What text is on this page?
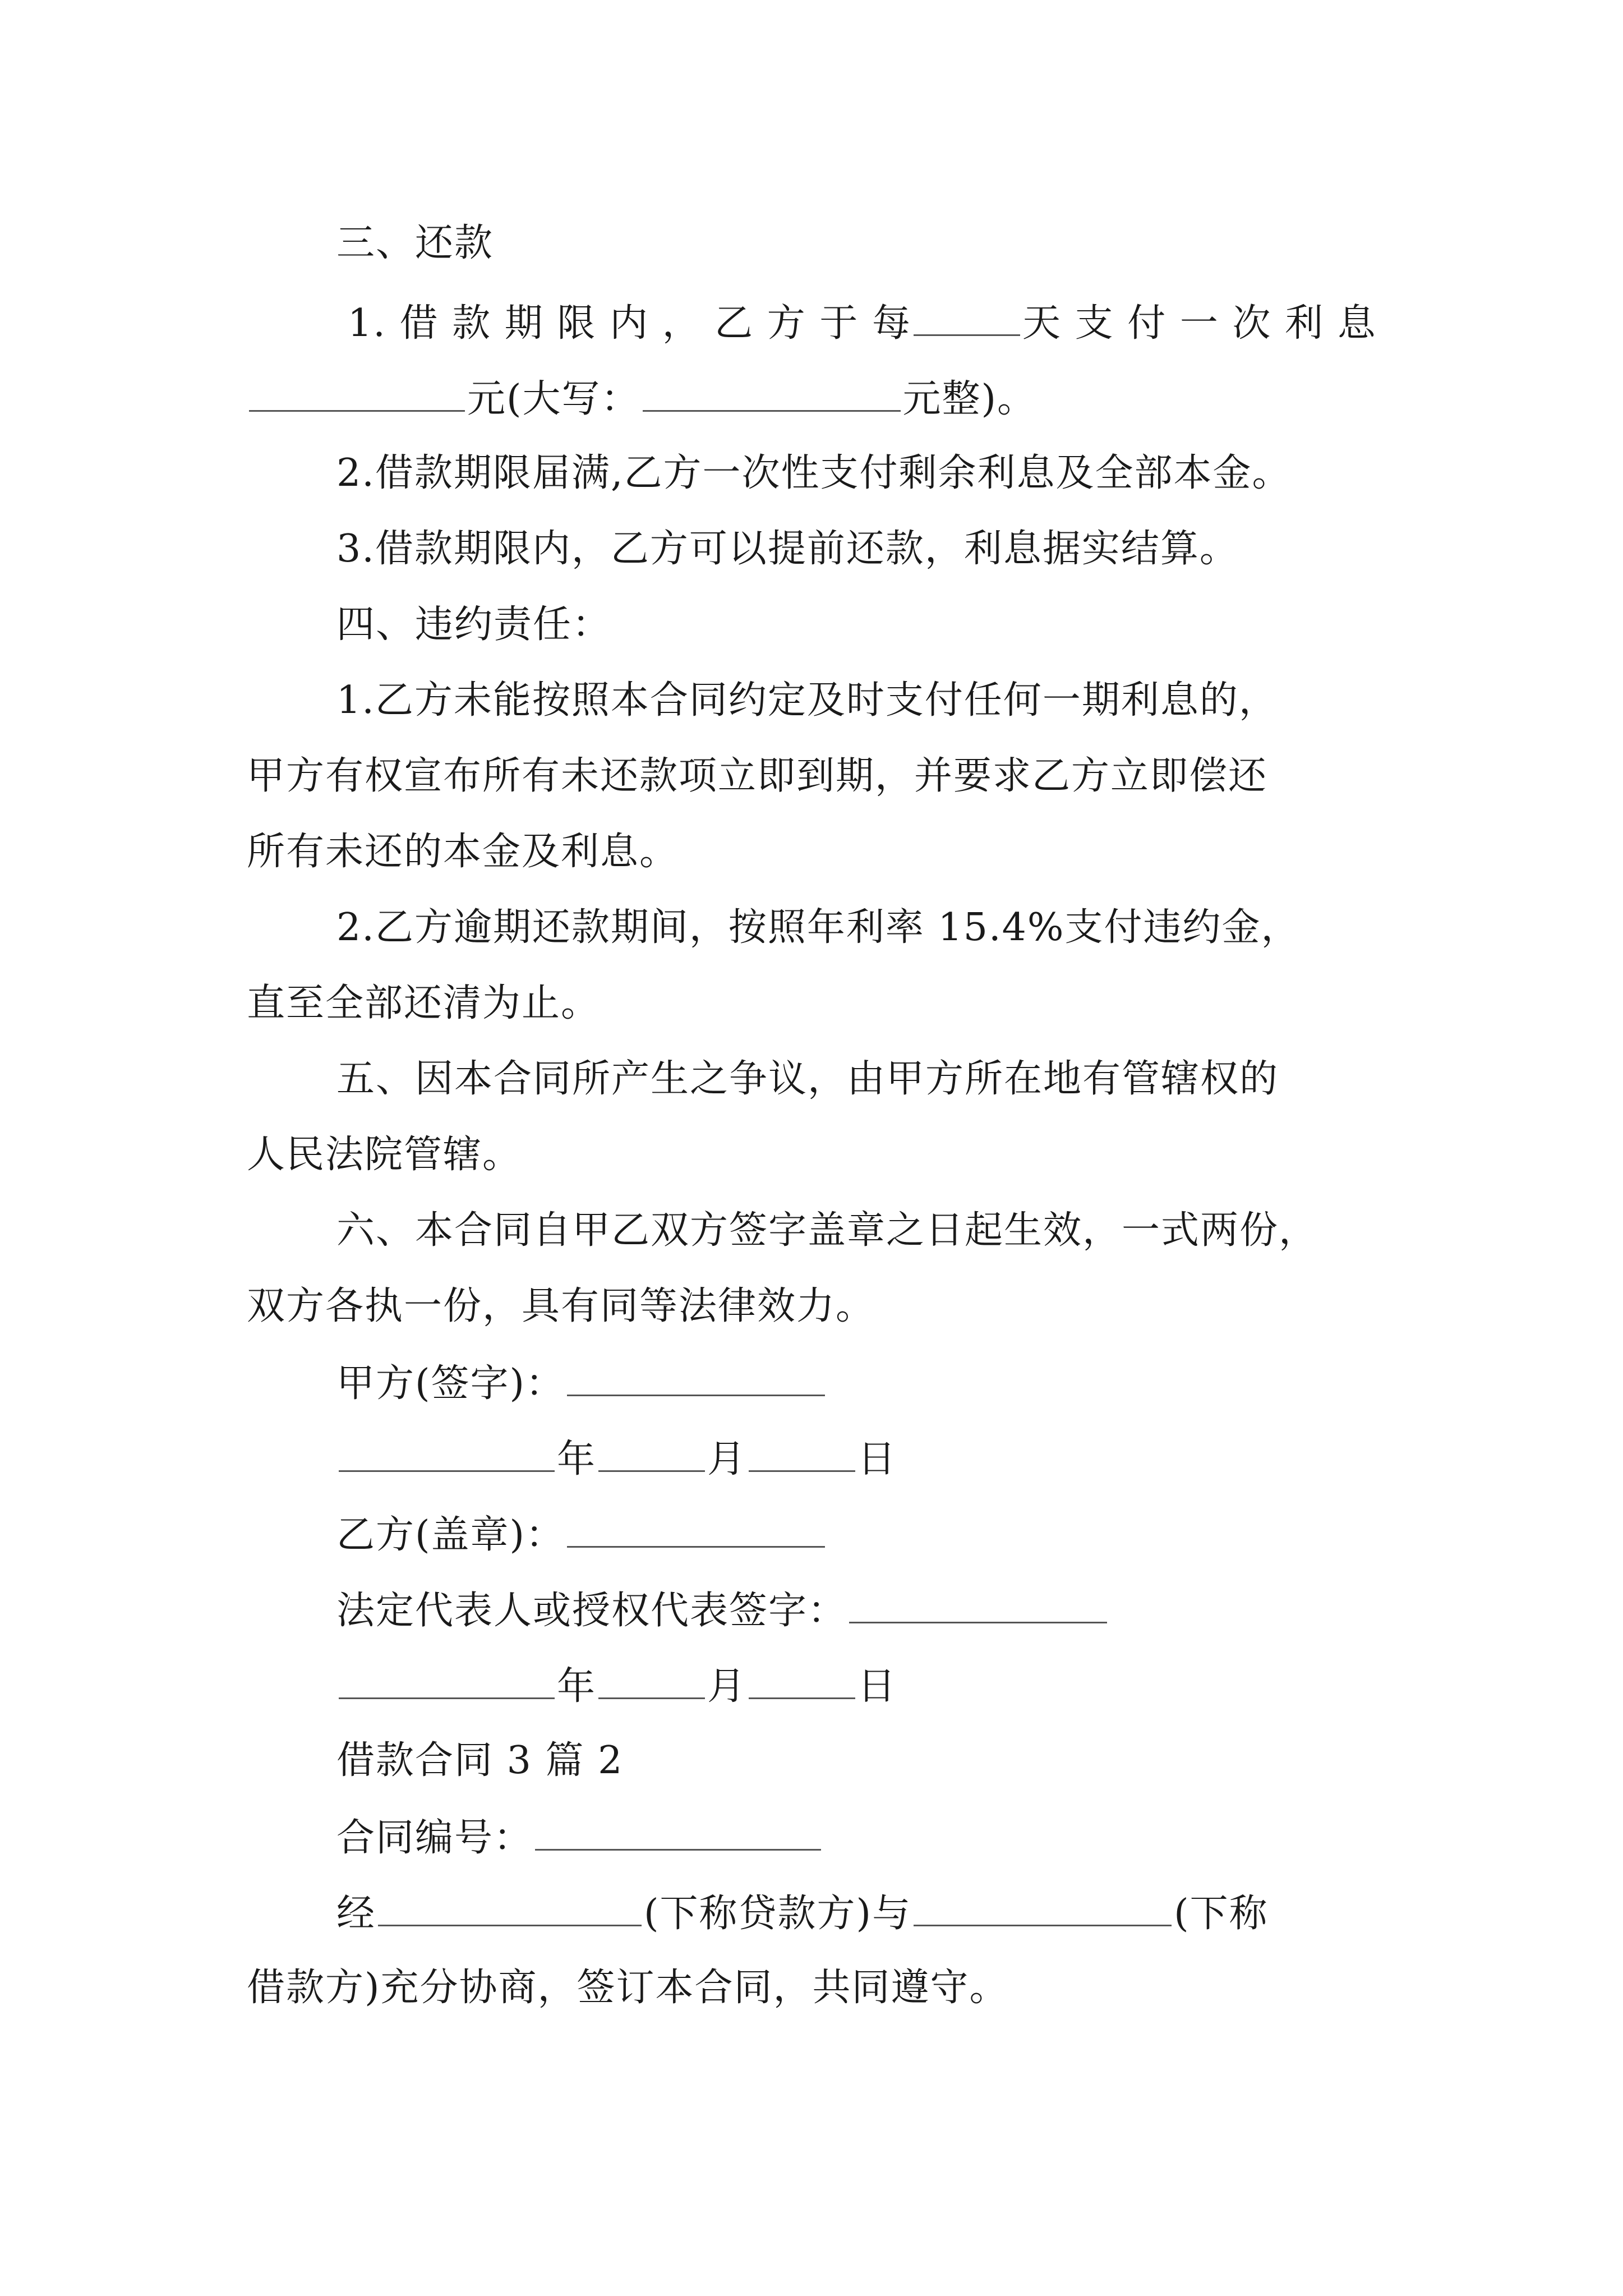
三、还款
1. 借 款 期 限 内 ， 乙 方 于 每	天 支 付 一 次 利 息
元(大写：	元整)。
2.借款期限届满,乙方一次性支付剩余利息及全部本金。
3.借款期限内，乙方可以提前还款，利息据实结算。
四、违约责任：
1.乙方未能按照本合同约定及时支付任何一期利息的，
甲方有权宣布所有未还款项立即到期，并要求乙方立即偿还
所有未还的本金及利息。
2.乙方逾期还款期间，按照年利率 15.4%支付违约金，
直至全部还清为止。
五、因本合同所产生之争议，由甲方所在地有管辖权的
人民法院管辖。
六、本合同自甲乙双方签字盖章之日起生效，一式两份，
双方各执一份，具有同等法律效力。
甲方(签字)：
年	月	日
乙方(盖章)：
法定代表人或授权代表签字：
年	月	日
借款合同 3 篇 2
合同编号：
经	(下称贷款方)与	(下称
借款方)充分协商，签订本合同，共同遵守。
